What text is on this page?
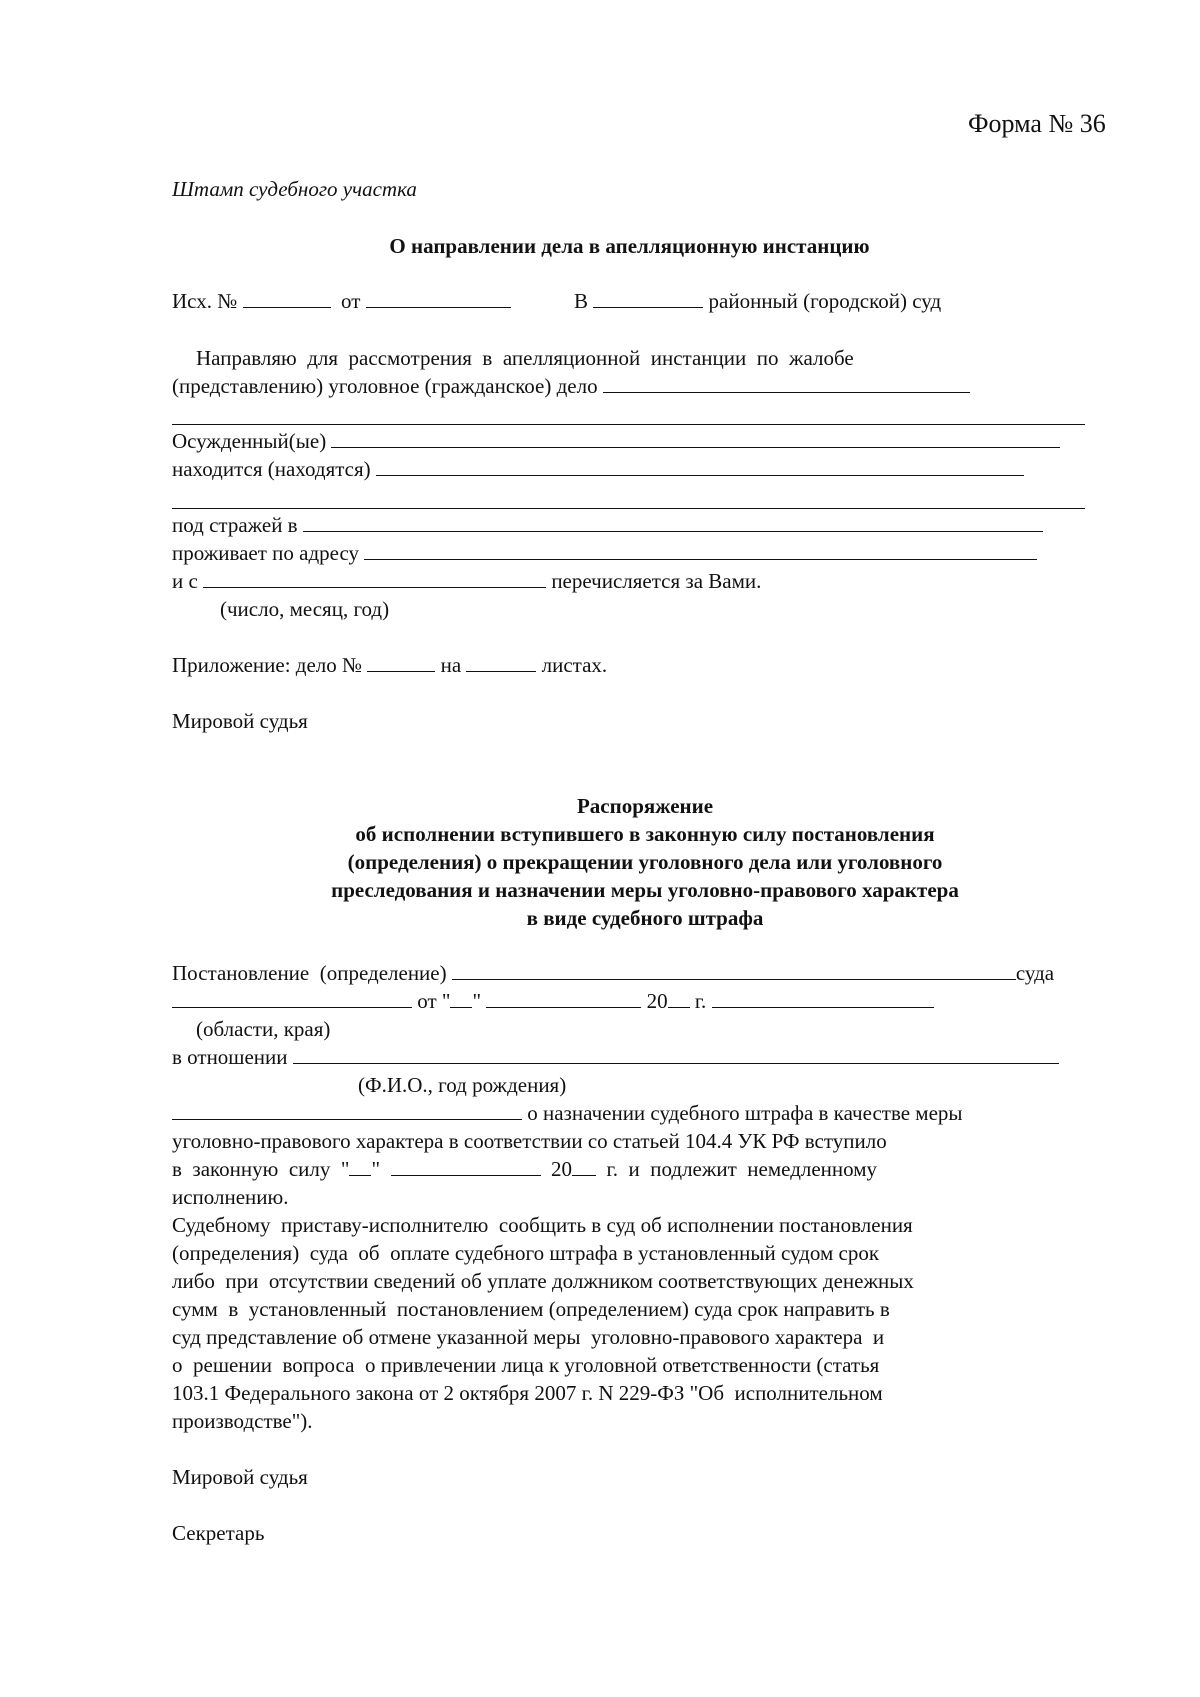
Форма № 36
Штамп судебного участка
О направлении дела в апелляционную инстанцию
Исх. №	от	В	районный (городской) суд
Направляю  для  рассмотрения  в  апелляционной  инстанции  по  жалобе
(представлению) уголовное (гражданское) дело
Осужденный(ые)
находится (находятся)
под стражей в
проживает по адресу
и с	перечисляется за Вами.
(число, месяц, год)
Приложение: дело №	на	листах.
Мировой судья
Распоряжение
об исполнении вступившего в законную силу постановления
(определения) о прекращении уголовного дела или уголовного
преследования и назначении меры уголовно-правового характера
в виде судебного штрафа
Постановление  (определение)	суда
от " "	20 г.
(области, края)
в отношении
(Ф.И.О., год рождения)
о назначении судебного штрафа в качестве меры
уголовно-правового характера в соответствии со статьей 104.4 УК РФ вступило
в  законную  силу  " "	20 г.  и  подлежит  немедленному
исполнению.
Судебному  приставу-исполнителю  сообщить в суд об исполнении постановления
(определения)  суда  об  оплате судебного штрафа в установленный судом срок
либо  при  отсутствии сведений об уплате должником соответствующих денежных
сумм  в  установленный  постановлением (определением) суда срок направить в
суд представление об отмене указанной меры  уголовно-правового характера  и
о  решении  вопроса  о привлечении лица к уголовной ответственности (статья
103.1 Федерального закона от 2 октября 2007 г. N 229-ФЗ "Об  исполнительном
производстве").
Мировой судья
Секретарь
